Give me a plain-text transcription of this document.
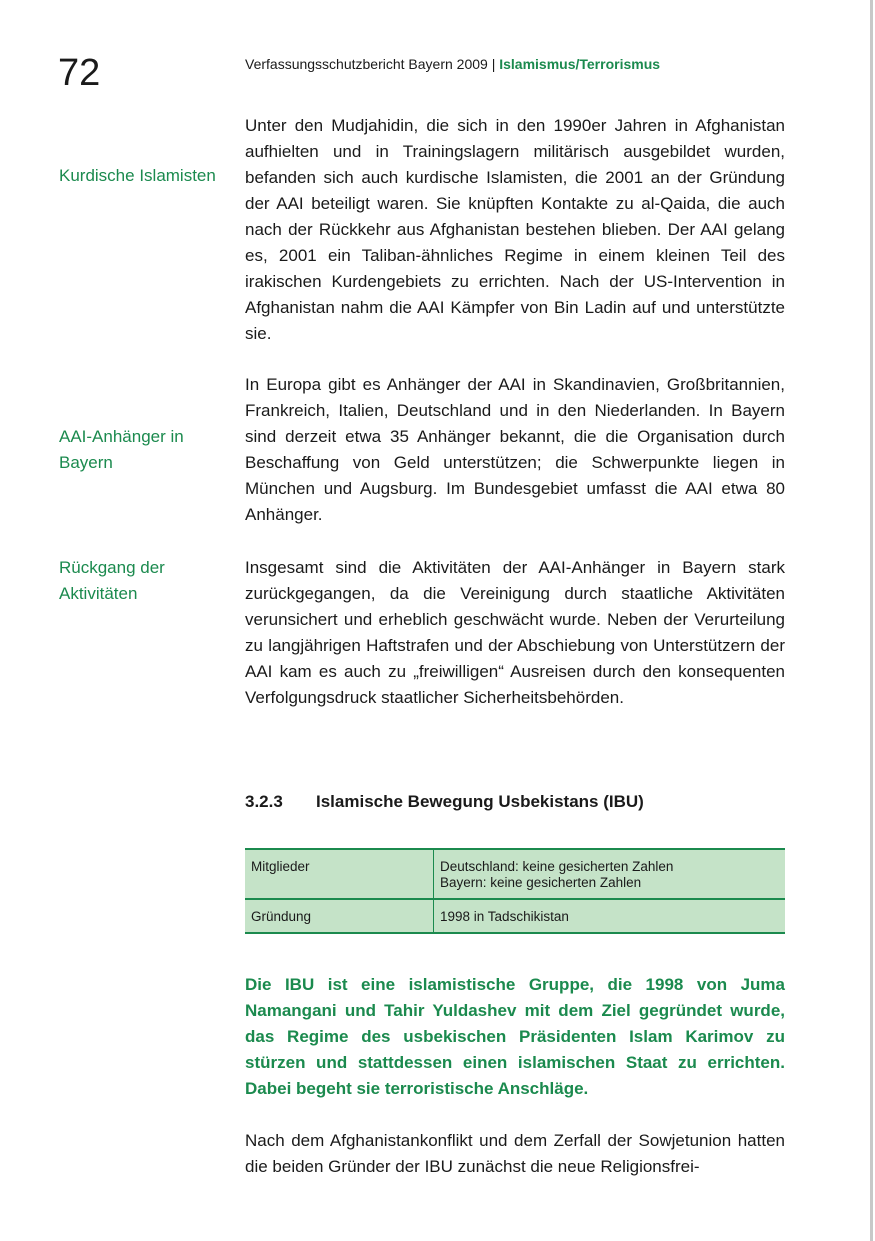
72	Verfassungsschutzbericht Bayern 2009 | Islamismus/Terrorismus
Kurdische Islamisten
AAI-Anhänger in Bayern
Rückgang der Aktivitäten

Unter den Mudjahidin, die sich in den 1990er Jahren in Afghanistan aufhielten und in Trainingslagern militärisch ausgebildet wurden, befanden sich auch kurdische Islamisten, die 2001 an der Gründung der AAI beteiligt waren. Sie knüpften Kontakte zu al-Qaida, die auch nach der Rückkehr aus Afghanistan bestehen blieben. Der AAI gelang es, 2001 ein Taliban-ähnliches Regime in einem kleinen Teil des irakischen Kurdengebiets zu errichten. Nach der US-Intervention in Afghanistan nahm die AAI Kämpfer von Bin Ladin auf und unterstützte sie.

In Europa gibt es Anhänger der AAI in Skandinavien, Großbritannien, Frankreich, Italien, Deutschland und in den Niederlanden. In Bayern sind derzeit etwa 35 Anhänger bekannt, die die Organisation durch Beschaffung von Geld unterstützen; die Schwerpunkte liegen in München und Augsburg. Im Bundesgebiet umfasst die AAI etwa 80 Anhänger.

Insgesamt sind die Aktivitäten der AAI-Anhänger in Bayern stark zurückgegangen, da die Vereinigung durch staatliche Aktivitäten verunsichert und erheblich geschwächt wurde. Neben der Verurteilung zu langjährigen Haftstrafen und der Abschiebung von Unterstützern der AAI kam es auch zu „freiwilligen“ Ausreisen durch den konsequenten Verfolgungsdruck staatlicher Sicherheitsbehörden.

3.2.3 Islamische Bewegung Usbekistans (IBU)
Mitglieder	Deutschland: keine gesicherten Zahlen
Bayern: keine gesicherten Zahlen

Gründung	1998 in Tadschikistan

Die IBU ist eine islamistische Gruppe, die 1998 von Juma Namangani und Tahir Yuldashev mit dem Ziel gegründet wurde, das Regime des usbekischen Präsidenten Islam Karimov zu stürzen und stattdessen einen islamischen Staat zu errichten. Dabei begeht sie terroristische Anschläge.

Nach dem Afghanistankonflikt und dem Zerfall der Sowjetunion hatten die beiden Gründer der IBU zunächst die neue Religionsfrei-
